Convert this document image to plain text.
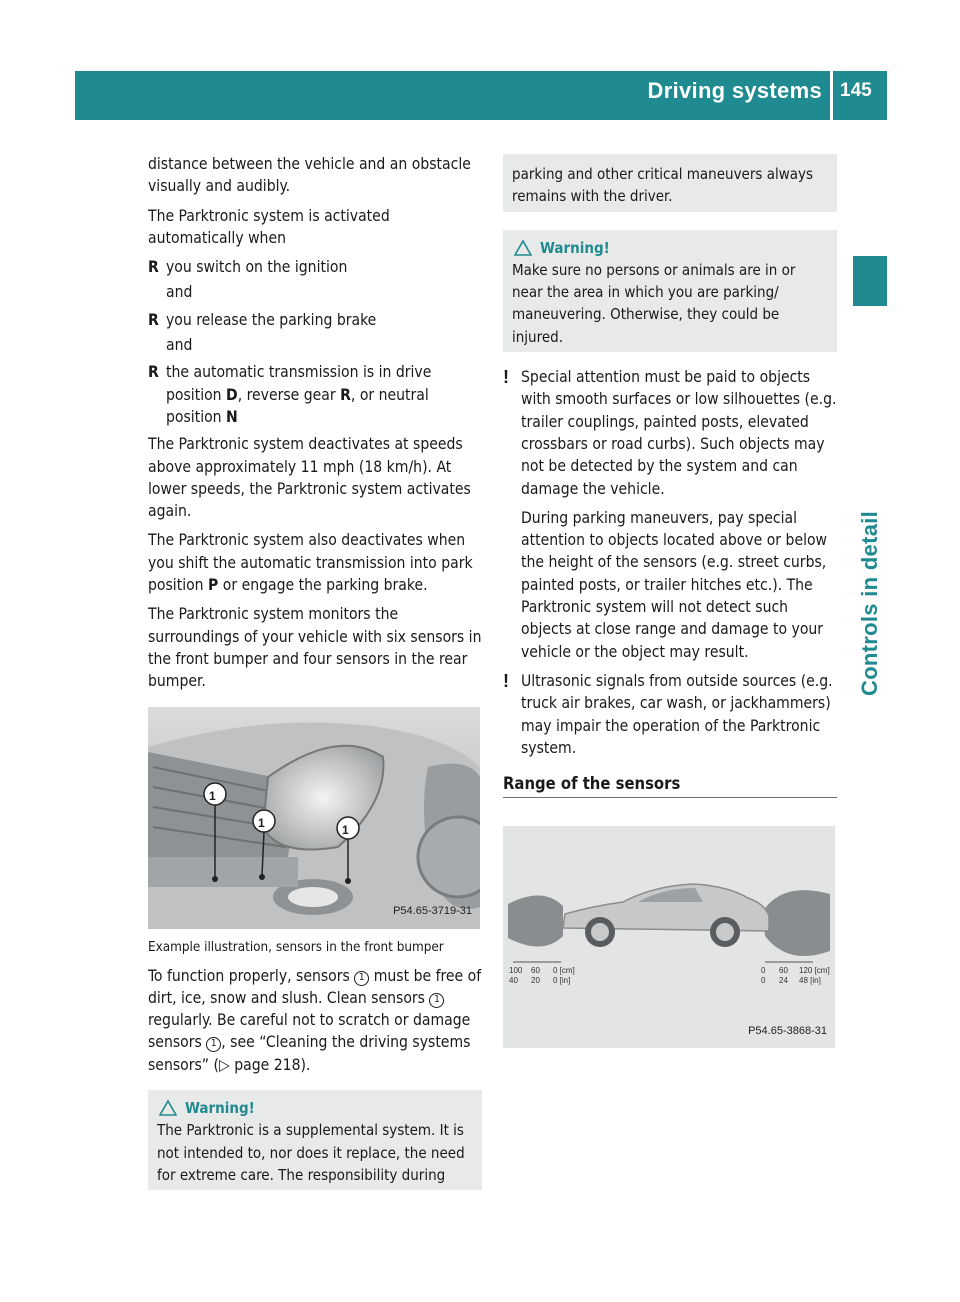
Driving systems 145
Controls in detail

distance between the vehicle and an obstacle visually and audibly.

The Parktronic system is activated automatically when

R you switch on the ignition
and
R you release the parking brake
and
R the automatic transmission is in drive position D, reverse gear R, or neutral position N

The Parktronic system deactivates at speeds above approximately 11 mph (18 km/h). At lower speeds, the Parktronic system activates again.

The Parktronic system also deactivates when you shift the automatic transmission into park position P or engage the parking brake.

The Parktronic system monitors the surroundings of your vehicle with six sensors in the front bumper and four sensors in the rear bumper.

1
1	1
P54.65-3719-31

Example illustration, sensors in the front bumper

To function properly, sensors 1 must be free of dirt, ice, snow and slush. Clean sensors 1 regularly. Be careful not to scratch or damage sensors 1 , see “Cleaning the driving systems sensors” (▷ page 218).

Warning!

The Parktronic is a supplemental system. It is not intended to, nor does it replace, the need for extreme care. The responsibility during

parking and other critical maneuvers always remains with the driver.

Warning!

Make sure no persons or animals are in or near the area in which you are parking/ maneuvering. Otherwise, they could be injured.

! Special attention must be paid to objects with smooth surfaces or low silhouettes (e.g. trailer couplings, painted posts, elevated crossbars or road curbs). Such objects may not be detected by the system and can damage the vehicle.

During parking maneuvers, pay special attention to objects located above or below the height of the sensors (e.g. street curbs, painted posts, or trailer hitches etc.). The Parktronic system will not detect such objects at close range and damage to your vehicle or the object may result.

! Ultrasonic signals from outside sources (e.g. truck air brakes, car wash, or jackhammers) may impair the operation of the Parktronic system.

Range of the sensors
100	60	0 [cm]
40	20	0 [in]
0	60	120 [cm]
0	24	48 [in]
P54.65-3868-31
